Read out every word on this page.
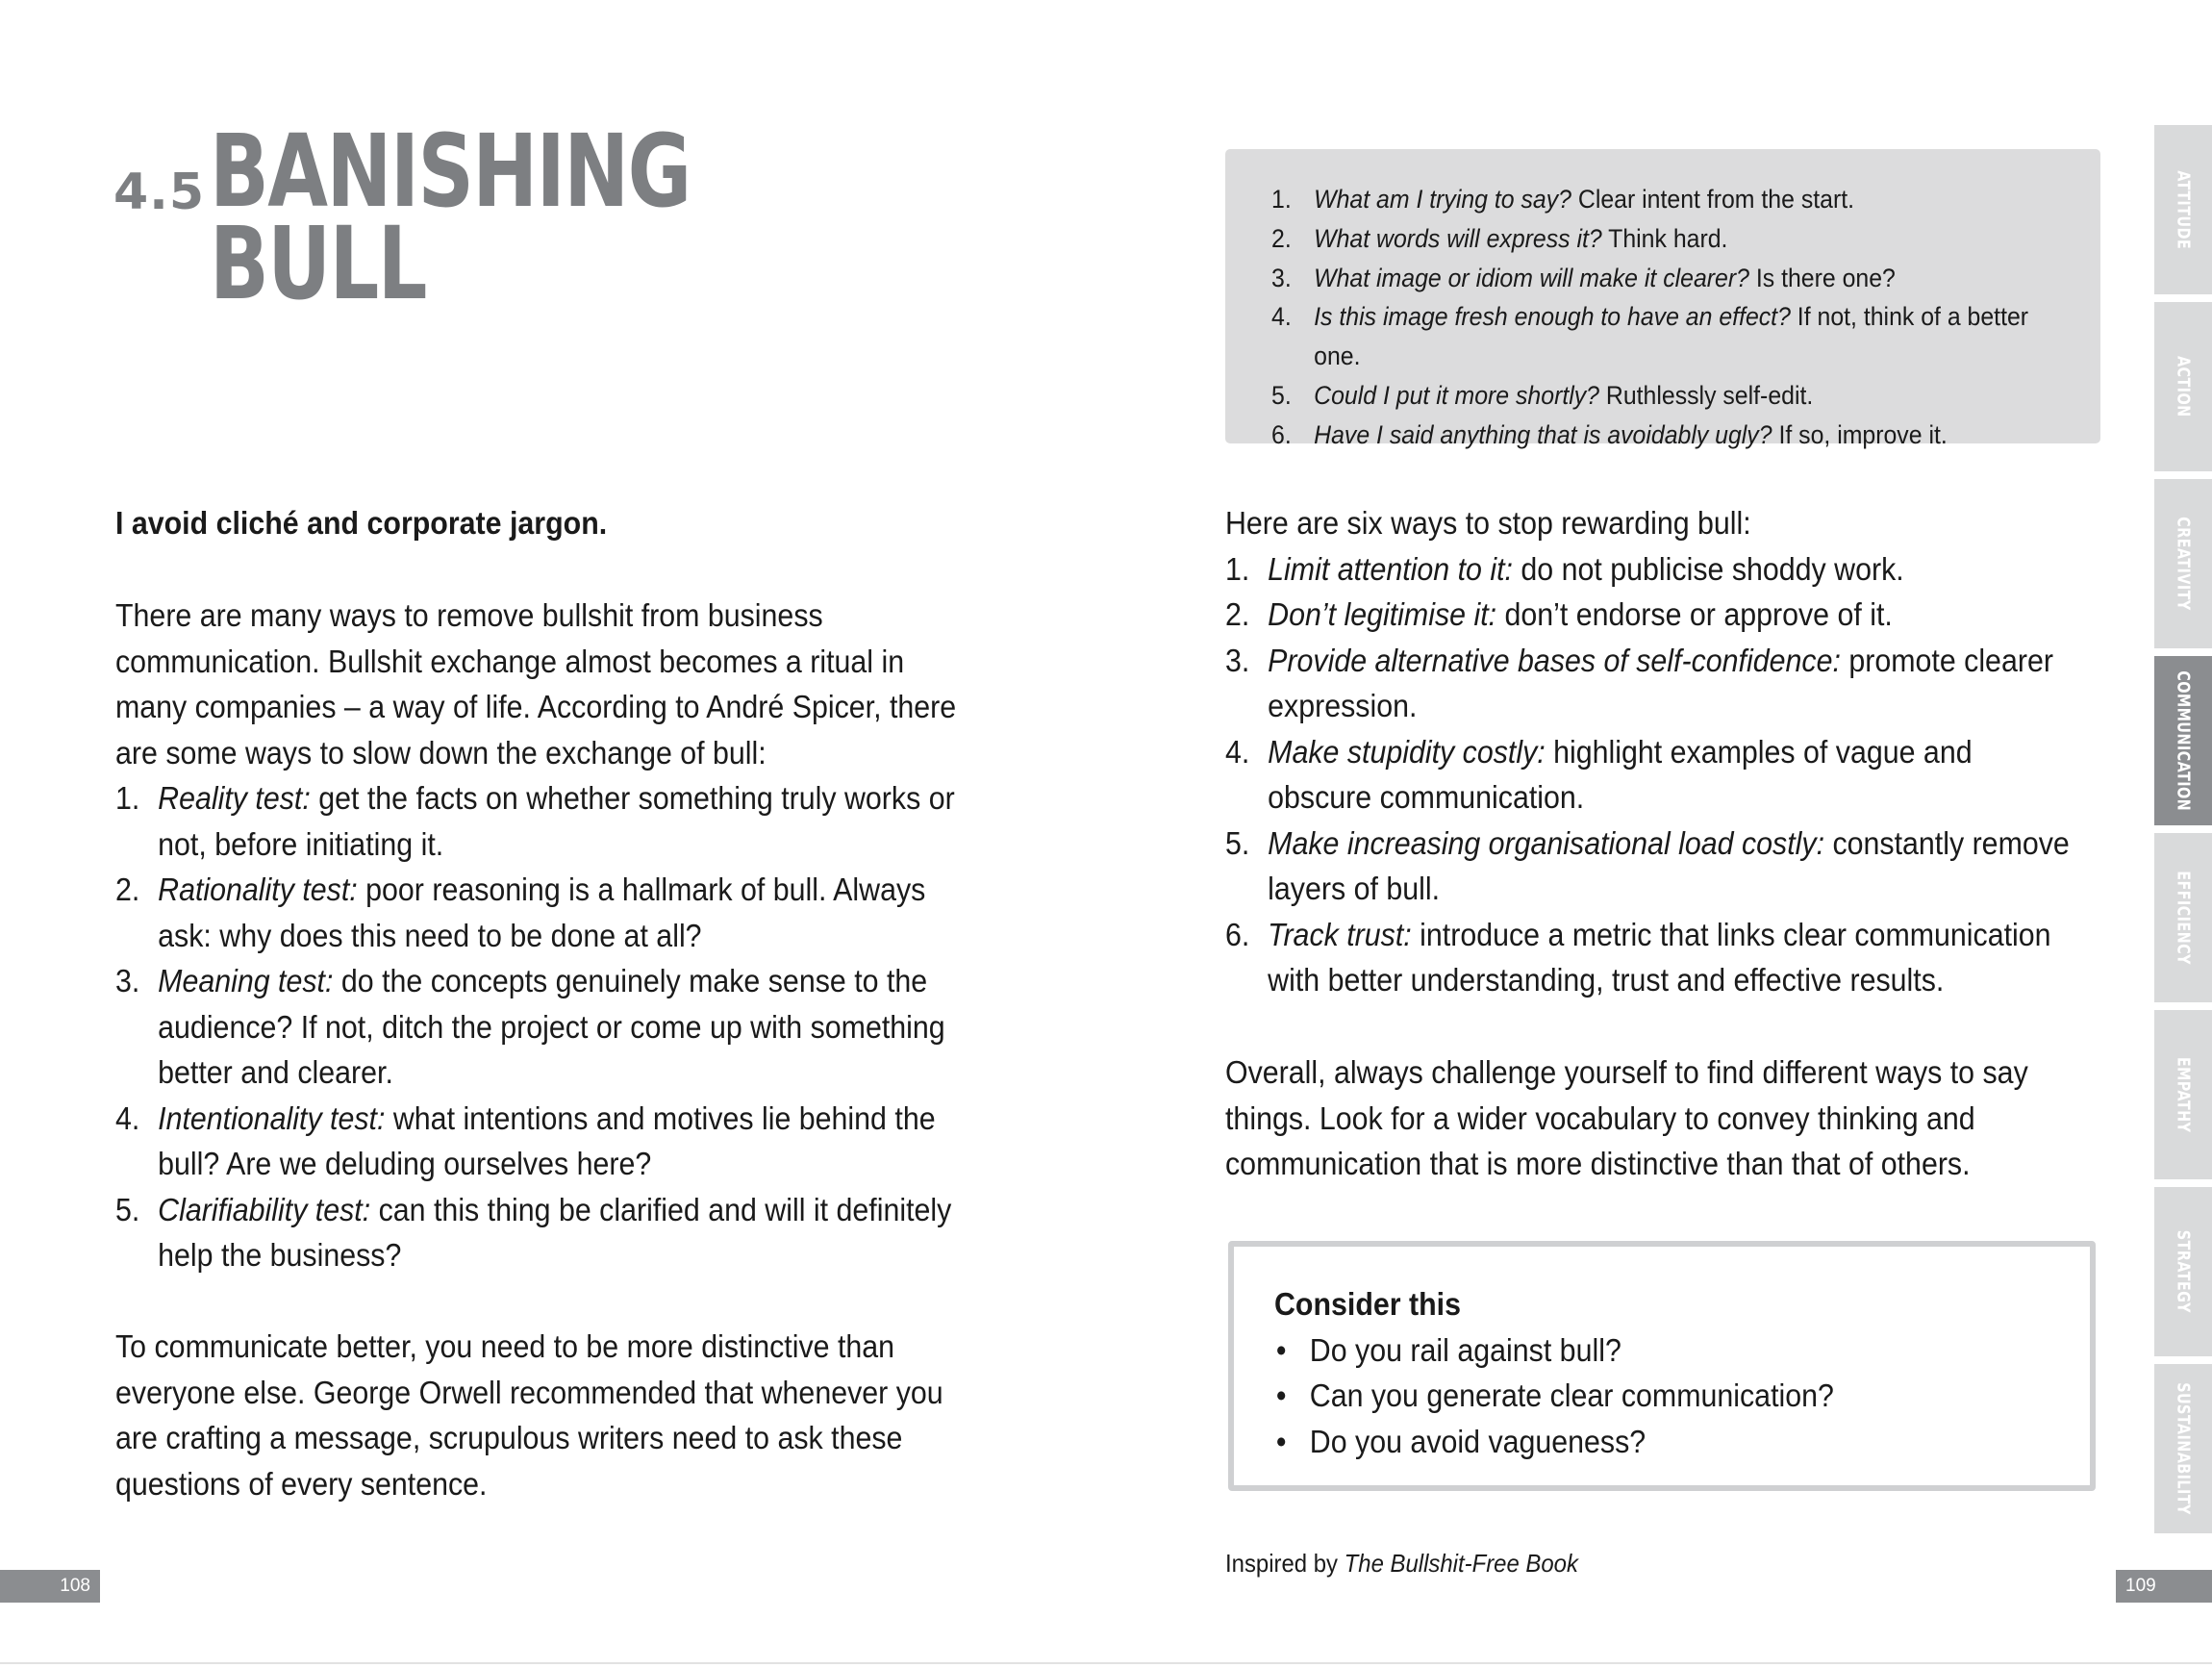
4.5 BANISHING
BULL
I avoid cliché and corporate jargon.
There are many ways to remove bullshit from business communication. Bullshit exchange almost becomes a ritual in many companies – a way of life. According to André Spicer, there are some ways to slow down the exchange of bull:
1. Reality test: get the facts on whether something truly works or not, before initiating it.
2. Rationality test: poor reasoning is a hallmark of bull. Always ask: why does this need to be done at all?
3. Meaning test: do the concepts genuinely make sense to the audience? If not, ditch the project or come up with something better and clearer.
4. Intentionality test: what intentions and motives lie behind the bull? Are we deluding ourselves here?
5. Clarifiability test: can this thing be clarified and will it definitely help the business?
To communicate better, you need to be more distinctive than everyone else. George Orwell recommended that whenever you are crafting a message, scrupulous writers need to ask these questions of every sentence.
108
1. What am I trying to say? Clear intent from the start.
2. What words will express it? Think hard.
3. What image or idiom will make it clearer? Is there one?
4. Is this image fresh enough to have an effect? If not, think of a better one.
5. Could I put it more shortly? Ruthlessly self-edit.
6. Have I said anything that is avoidably ugly? If so, improve it.
Here are six ways to stop rewarding bull:
1. Limit attention to it: do not publicise shoddy work.
2. Don’t legitimise it: don’t endorse or approve of it.
3. Provide alternative bases of self-confidence: promote clearer expression.
4. Make stupidity costly: highlight examples of vague and obscure communication.
5. Make increasing organisational load costly: constantly remove layers of bull.
6. Track trust: introduce a metric that links clear communication with better understanding, trust and effective results.
Overall, always challenge yourself to find different ways to say things. Look for a wider vocabulary to convey thinking and communication that is more distinctive than that of others.
Consider this
• Do you rail against bull?
• Can you generate clear communication?
• Do you avoid vagueness?
Inspired by The Bullshit-Free Book
109
ATTITUDE
ACTION
CREATIVITY
COMMUNICATION
EFFICIENCY
EMPATHY
STRATEGY
SUSTAINABILITY
